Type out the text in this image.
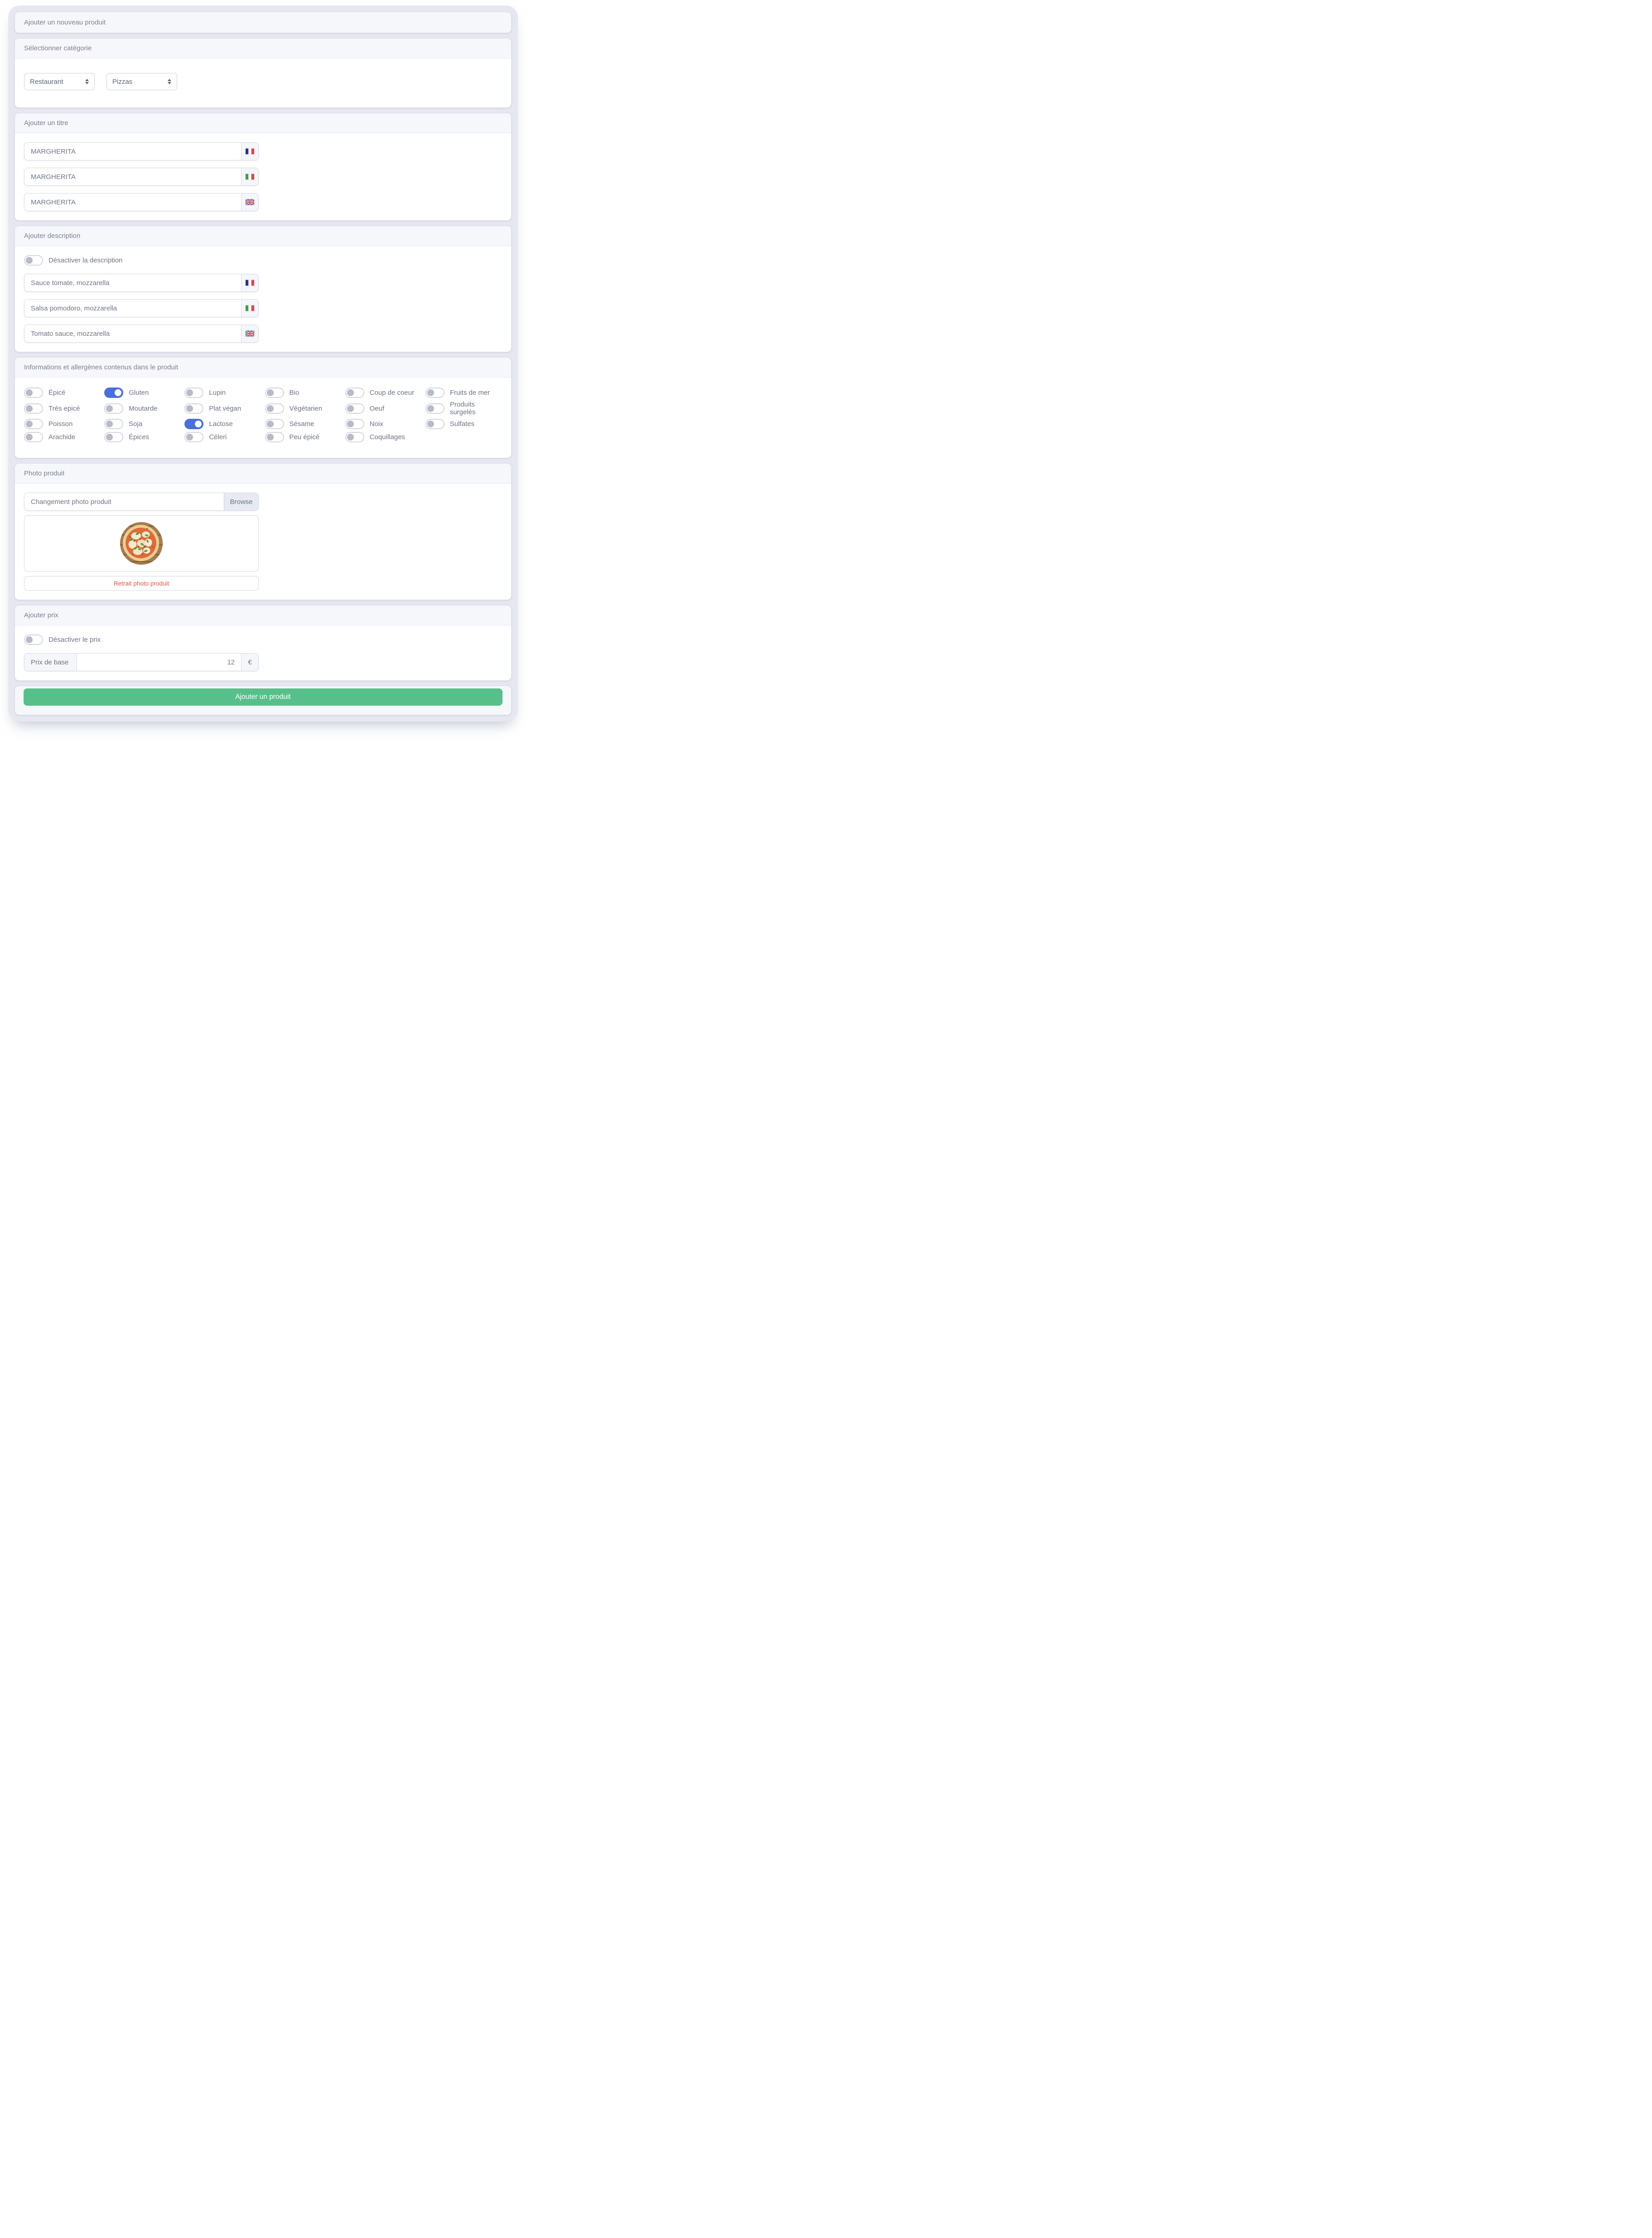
Ajouter un nouveau produit
Sélectionner catégorie
Restaurant	Pizzas
Ajouter un titre
MARGHERITA
MARGHERITA
MARGHERITA
Ajouter description
Désactiver la description
Sauce tomate, mozzarella
Salsa pomodoro, mozzarella
Tomato sauce, mozzarella
Informations et allergènes contenus dans le produit
Épicé	Gluten	Lupin	Bio	Coup de coeur	Fruits de mer
Très epicé	Moutarde	Plat végan	Végétarien	Oeuf	Produits surgelés
Poisson	Soja	Lactose	Sésame	Noix	Sulfates
Arachide	Épices	Céleri	Peu épicé	Coquillages
Photo produit
Changement photo produit	Browse
Retrait photo produit
Ajouter prix
Désactiver le prix
Prix de base
12	€
Ajouter un produit
